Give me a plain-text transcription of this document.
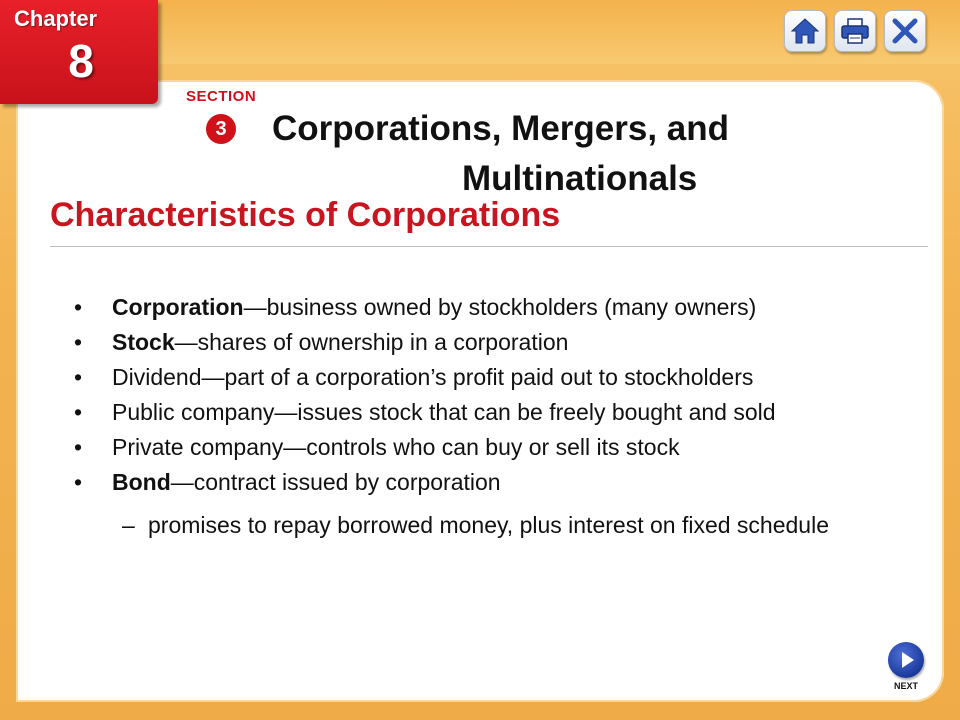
Chapter
8
SECTION
3 Corporations, Mergers, and
Multinationals
Characteristics of Corporations
• Corporation—business owned by stockholders (many owners)
• Stock—shares of ownership in a corporation
• Dividend—part of a corporation’s profit paid out to stockholders
• Public company—issues stock that can be freely bought and sold
• Private company—controls who can buy or sell its stock
• Bond—contract issued by corporation
– promises to repay borrowed money, plus interest on fixed schedule
NEXT
